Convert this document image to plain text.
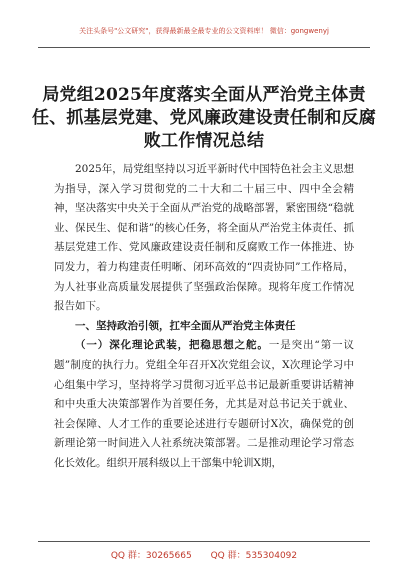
关注头条号"公文研究"，获得最新最全最专业的公文资料库！ 微信：gongwenyj
局党组2025年度落实全面从严治党主体责任、抓基层党建、党风廉政建设责任制和反腐败工作情况总结

2025年，局党组坚持以习近平新时代中国特色社会主义思想为指导，深入学习贯彻党的二十大和二十届三中、四中全会精神，坚决落实中央关于全面从严治党的战略部署，紧密围绕“稳就业、保民生、促和谐”的核心任务，将全面从严治党主体责任、抓基层党建工作、党风廉政建设责任制和反腐败工作一体推进、协同发力，着力构建责任明晰、闭环高效的“四责协同”工作格局，为人社事业高质量发展提供了坚强政治保障。现将年度工作情况报告如下。

一、坚持政治引领，扛牢全面从严治党主体责任

（一）深化理论武装，把稳思想之舵。一是突出“第一议题”制度的执行力。党组全年召开X次党组会议，X次理论学习中心组集中学习，坚持将学习贯彻习近平总书记最新重要讲话精神和中央重大决策部署作为首要任务，尤其是对总书记关于就业、社会保障、人才工作的重要论述进行专题研讨X次，确保党的创新理论第一时间进入人社系统决策部署。二是推动理论学习常态化长效化。组织开展科级以上干部集中轮训X期，

QQ 群：30265665 QQ 群：535304092
